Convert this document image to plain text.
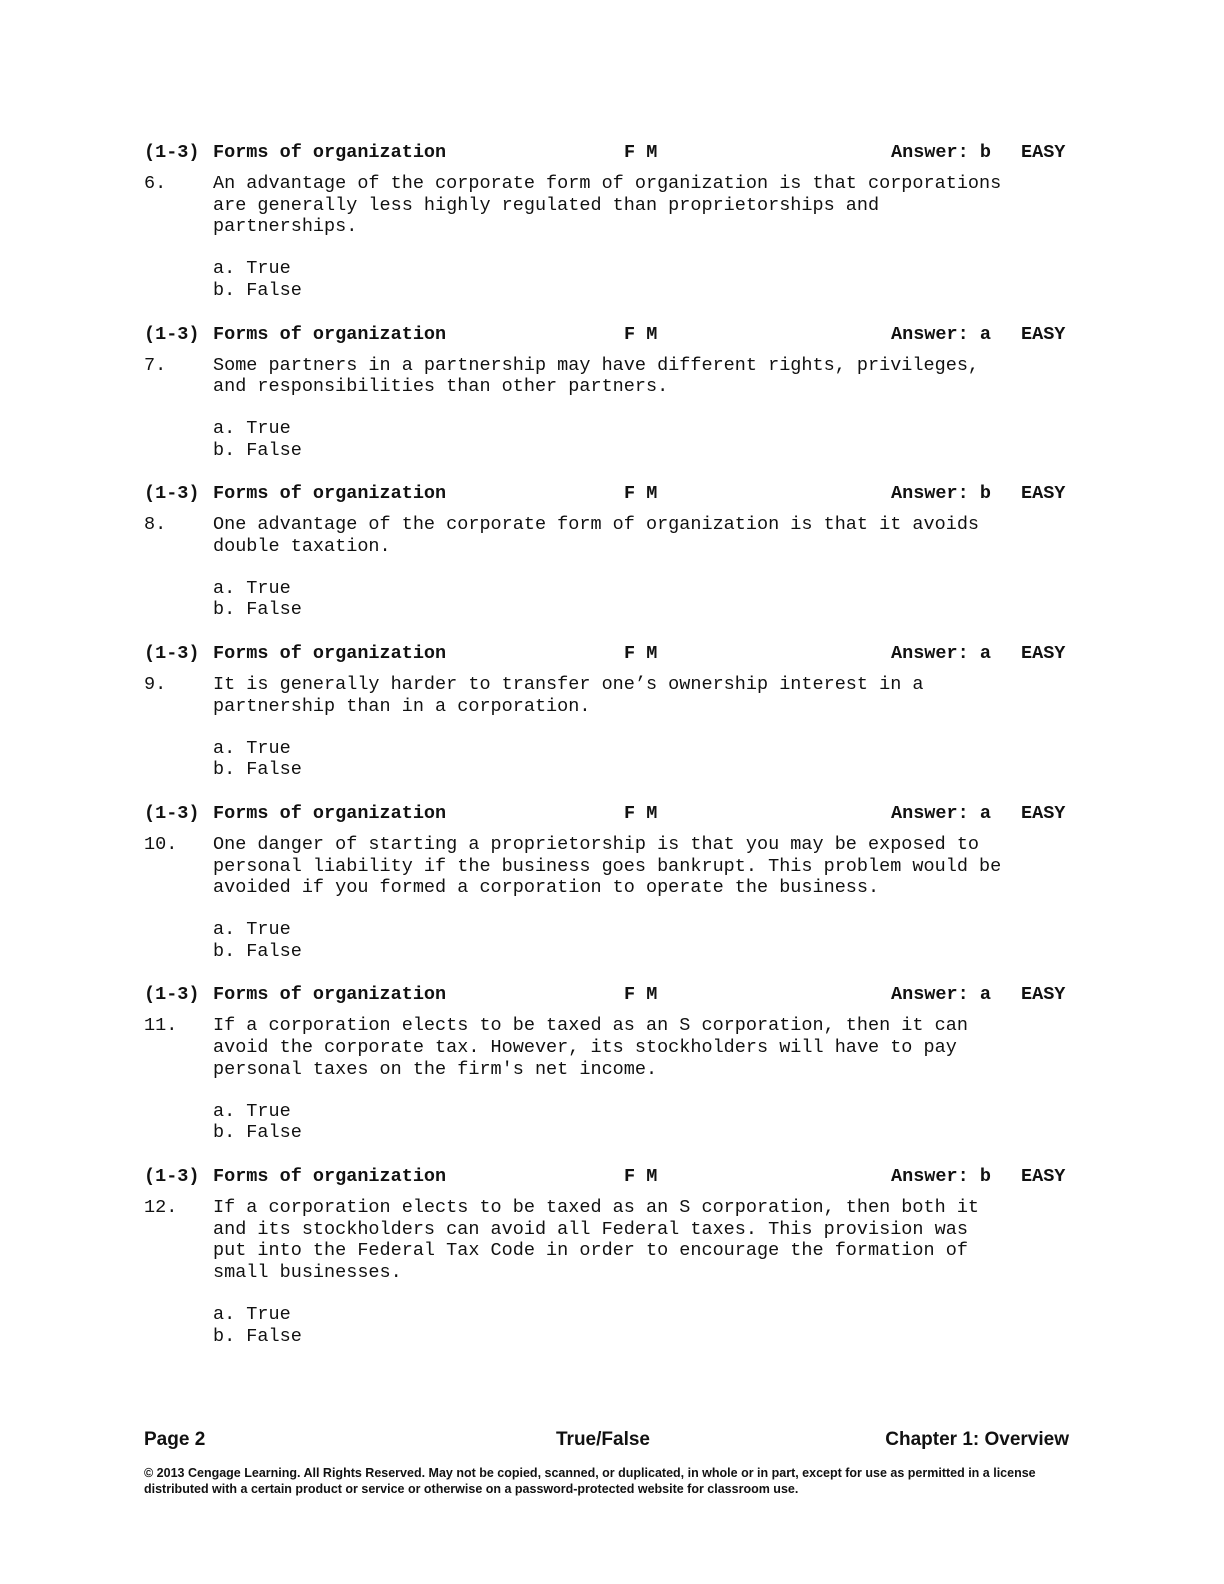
(1-3) Forms of organization	F M	Answer: b EASY
6.	An advantage of the corporate form of organization is that corporations
are generally less highly regulated than proprietorships and
partnerships.
a. True
b. False
(1-3) Forms of organization	F M	Answer: a EASY
7.	Some partners in a partnership may have different rights, privileges,
and responsibilities than other partners.
a. True
b. False
(1-3) Forms of organization	F M	Answer: b EASY
8.	One advantage of the corporate form of organization is that it avoids
double taxation.
a. True
b. False
(1-3) Forms of organization	F M	Answer: a EASY
9.	It is generally harder to transfer one’s ownership interest in a
partnership than in a corporation.
a. True
b. False
(1-3) Forms of organization	F M	Answer: a EASY
10. One danger of starting a proprietorship is that you may be exposed to
personal liability if the business goes bankrupt. This problem would be
avoided if you formed a corporation to operate the business.
a. True
b. False
(1-3) Forms of organization	F M	Answer: a EASY
11. If a corporation elects to be taxed as an S corporation, then it can
avoid the corporate tax. However, its stockholders will have to pay
personal taxes on the firm's net income.
a. True
b. False
(1-3) Forms of organization	F M	Answer: b EASY
12. If a corporation elects to be taxed as an S corporation, then both it
and its stockholders can avoid all Federal taxes. This provision was
put into the Federal Tax Code in order to encourage the formation of
small businesses.
a. True
b. False
Page 2	True/False	Chapter 1: Overview
© 2013 Cengage Learning. All Rights Reserved. May not be copied, scanned, or duplicated, in whole or in part, except for use as permitted in a license distributed with a certain product or service or otherwise on a password-protected website for classroom use.
